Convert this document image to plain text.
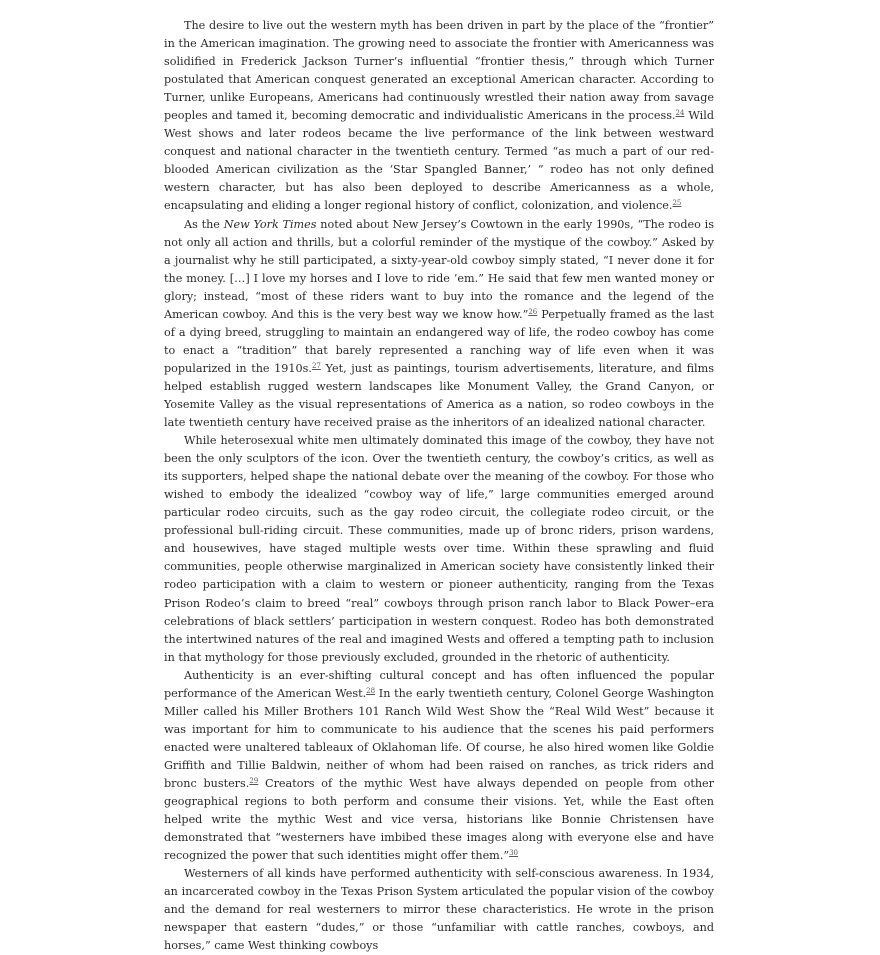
The desire to live out the western myth has been driven in part by the place of the “frontier” in the American imagination. The growing need to associate the frontier with Americanness was solidified in Frederick Jackson Turner’s influential “frontier thesis,” through which Turner postulated that American conquest generated an exceptional American character. According to Turner, unlike Europeans, Americans had continuously wrestled their nation away from savage peoples and tamed it, becoming democratic and individualistic Americans in the process.$^{24}$ Wild West shows and later rodeos became the live performance of the link between westward conquest and national character in the twentieth century. Termed “as much a part of our red-blooded American civilization as the ‘Star Spangled Banner,’ ” rodeo has not only defined western character, but has also been deployed to describe Americanness as a whole, encapsulating and eliding a longer regional history of conflict, colonization, and violence.$^{25}$

As the New York Times noted about New Jersey’s Cowtown in the early 1990s, “The rodeo is not only all action and thrills, but a colorful reminder of the mystique of the cowboy.” Asked by a journalist why he still participated, a sixty-year-old cowboy simply stated, “I never done it for the money. […] I love my horses and I love to ride ’em.” He said that few men wanted money or glory; instead, “most of these riders want to buy into the romance and the legend of the American cowboy. And this is the very best way we know how.”$^{26}$ Perpetually framed as the last of a dying breed, struggling to maintain an endangered way of life, the rodeo cowboy has come to enact a “tradition” that barely represented a ranching way of life even when it was popularized in the 1910s.$^{27}$ Yet, just as paintings, tourism advertisements, literature, and films helped establish rugged western landscapes like Monument Valley, the Grand Canyon, or Yosemite Valley as the visual representations of America as a nation, so rodeo cowboys in the late twentieth century have received praise as the inheritors of an idealized national character.

While heterosexual white men ultimately dominated this image of the cowboy, they have not been the only sculptors of the icon. Over the twentieth century, the cowboy’s critics, as well as its supporters, helped shape the national debate over the meaning of the cowboy. For those who wished to embody the idealized “cowboy way of life,” large communities emerged around particular rodeo circuits, such as the gay rodeo circuit, the collegiate rodeo circuit, or the professional bull-riding circuit. These communities, made up of bronc riders, prison wardens, and housewives, have staged multiple wests over time. Within these sprawling and fluid communities, people otherwise marginalized in American society have consistently linked their rodeo participation with a claim to western or pioneer authenticity, ranging from the Texas Prison Rodeo’s claim to breed “real” cowboys through prison ranch labor to Black Power–era celebrations of black settlers’ participation in western conquest. Rodeo has both demonstrated the intertwined natures of the real and imagined Wests and offered a tempting path to inclusion in that mythology for those previously excluded, grounded in the rhetoric of authenticity.

Authenticity is an ever-shifting cultural concept and has often influenced the popular performance of the American West.$^{28}$ In the early twentieth century, Colonel George Washington Miller called his Miller Brothers 101 Ranch Wild West Show the “Real Wild West” because it was important for him to communicate to his audience that the scenes his paid performers enacted were unaltered tableaux of Oklahoman life. Of course, he also hired women like Goldie Griffith and Tillie Baldwin, neither of whom had been raised on ranches, as trick riders and bronc busters.$^{29}$ Creators of the mythic West have always depended on people from other geographical regions to both perform and consume their visions. Yet, while the East often helped write the mythic West and vice versa, historians like Bonnie Christensen have demonstrated that “westerners have imbibed these images along with everyone else and have recognized the power that such identities might offer them.”$^{30}$

Westerners of all kinds have performed authenticity with self-conscious awareness. In 1934, an incarcerated cowboy in the Texas Prison System articulated the popular vision of the cowboy and the demand for real westerners to mirror these characteristics. He wrote in the prison newspaper that eastern “dudes,” or those “unfamiliar with cattle ranches, cowboys, and horses,” came West thinking cowboys
